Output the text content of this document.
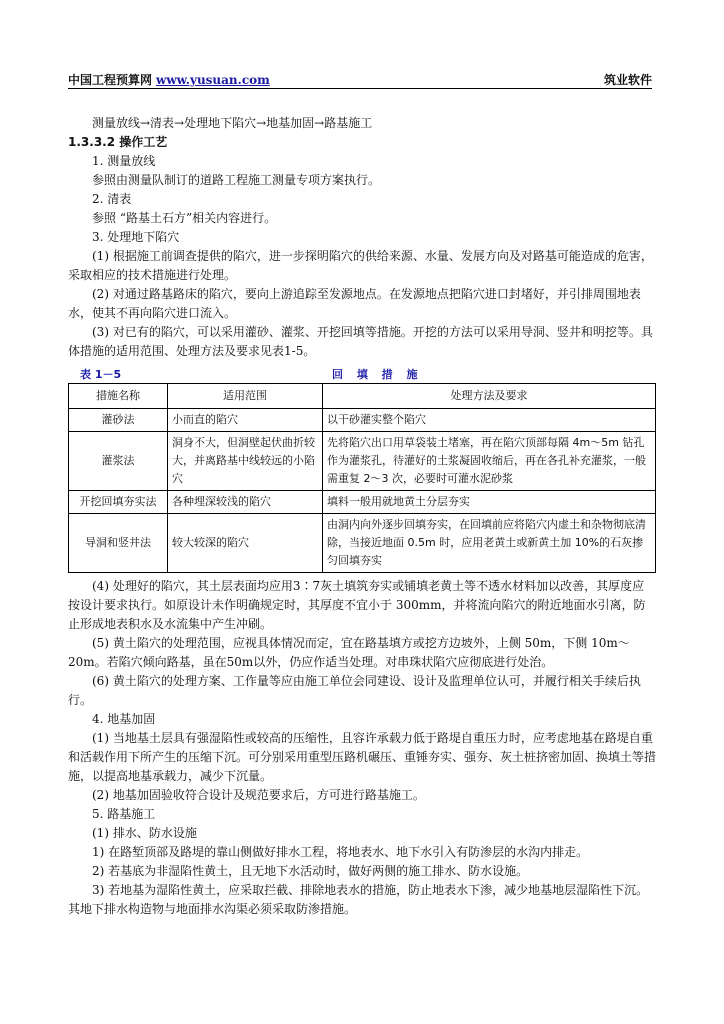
中国工程预算网 www.yusuan.com	筑业软件

测量放线→清表→处理地下陷穴→地基加固→路基施工

1.3.3.2 操作工艺

1. 测量放线

参照由测量队制订的道路工程施工测量专项方案执行。

2. 清表

参照 “路基土石方”相关内容进行。

3. 处理地下陷穴

(1) 根据施工前调查提供的陷穴，进一步探明陷穴的供给来源、水量、发展方向及对路基可能造成的危害，采取相应的技术措施进行处理。

(2) 对通过路基路床的陷穴，要向上游追踪至发源地点。在发源地点把陷穴进口封堵好，并引排周围地表水，使其不再向陷穴进口流入。

(3) 对已有的陷穴，可以采用灌砂、灌浆、开挖回填等措施。开挖的方法可以采用导洞、竖井和明挖等。具体措施的适用范围、处理方法及要求见表1-5。

表 1－5	回 填 措 施
措施名称	适用范围	处理方法及要求
灌砂法	小而直的陷穴	以干砂灌实整个陷穴
灌浆法	洞身不大，但洞壁起伏曲折较大，并离路基中线较远的小陷穴	先将陷穴出口用草袋装土堵塞，再在陷穴顶部每隔 4m～5m 钻孔作为灌浆孔，待灌好的土浆凝固收缩后，再在各孔补充灌浆，一般需重复 2～3 次，必要时可灌水泥砂浆
开挖回填夯实法	各种埋深较浅的陷穴	填料一般用就地黄土分层夯实
导洞和竖井法	较大较深的陷穴	由洞内向外逐步回填夯实，在回填前应将陷穴内虚土和杂物彻底清除，当接近地面 0.5m 时，应用老黄土或新黄土加 10%的石灰掺匀回填夯实

(4) 处理好的陷穴，其土层表面均应用3∶7灰土填筑夯实或铺填老黄土等不透水材料加以改善，其厚度应按设计要求执行。如原设计未作明确规定时，其厚度不宜小于 300mm，并将流向陷穴的附近地面水引离，防止形成地表积水及水流集中产生冲刷。

(5) 黄土陷穴的处理范围，应视具体情况而定，宜在路基填方或挖方边坡外，上侧 50m，下侧 10m～20m。若陷穴倾向路基，虽在50m以外，仍应作适当处理。对串珠状陷穴应彻底进行处治。

(6) 黄土陷穴的处理方案、工作量等应由施工单位会同建设、设计及监理单位认可，并履行相关手续后执行。

4. 地基加固

(1) 当地基土层具有强湿陷性或较高的压缩性，且容许承载力低于路堤自重压力时，应考虑地基在路堤自重和活载作用下所产生的压缩下沉。可分别采用重型压路机碾压、重锤夯实、强夯、灰土桩挤密加固、换填土等措施，以提高地基承载力，减少下沉量。

(2) 地基加固验收符合设计及规范要求后，方可进行路基施工。

5. 路基施工

(1) 排水、防水设施

1) 在路堑顶部及路堤的靠山侧做好排水工程，将地表水、地下水引入有防渗层的水沟内排走。

2) 若基底为非湿陷性黄土，且无地下水活动时，做好两侧的施工排水、防水设施。

3) 若地基为湿陷性黄土，应采取拦截、排除地表水的措施，防止地表水下渗，减少地基地层湿陷性下沉。其地下排水构造物与地面排水沟渠必须采取防渗措施。
